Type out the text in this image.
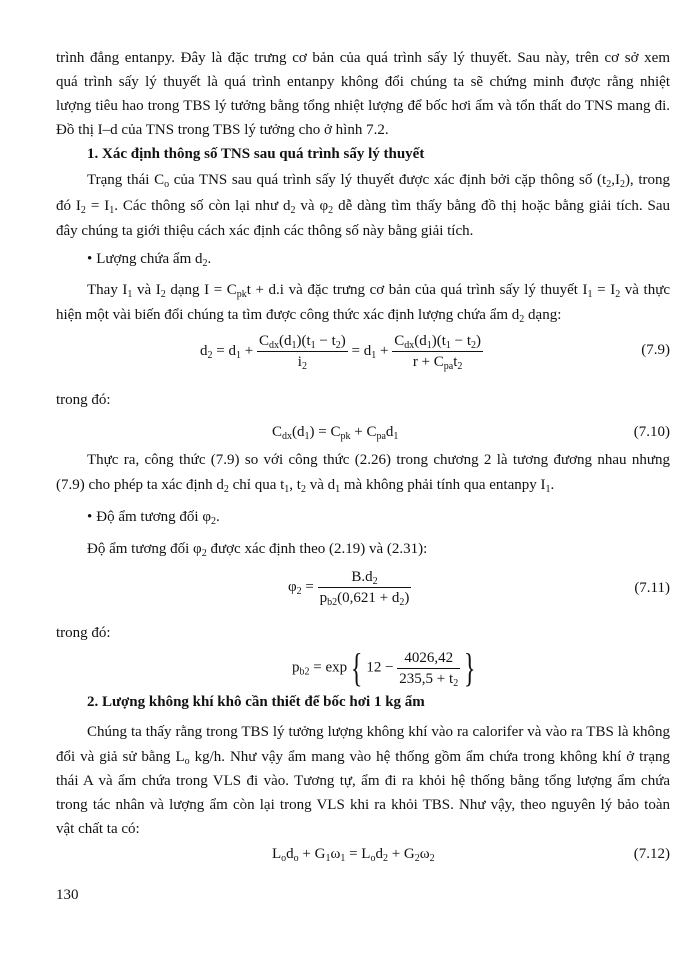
trình đẳng entanpy. Đây là đặc trưng cơ bản của quá trình sấy lý thuyết. Sau này, trên cơ sở xem
quá trình sấy lý thuyết là quá trình entanpy không đổi chúng ta sẽ chứng minh được rằng nhiệt
lượng tiêu hao trong TBS lý tưởng bằng tổng nhiệt lượng để bốc hơi ẩm và tổn thất do TNS mang đi.
Đồ thị I–d của TNS trong TBS lý tưởng cho ở hình 7.2.
1. Xác định thông số TNS sau quá trình sấy lý thuyết
Trạng thái $C_o$ của TNS sau quá trình sấy lý thuyết được xác định bởi cặp thông số $(t_2,I_2)$, trong
đó $I_2 = I_1$. Các thông số còn lại như $d_2$ và $\varphi_2$ dễ dàng tìm thấy bằng đồ thị hoặc bằng giải tích. Sau
đây chúng ta giới thiệu cách xác định các thông số này bằng giải tích.
• Lượng chứa ẩm $d_2$.
Thay $I_1$ và $I_2$ dạng $I = C_{pk}t + d.i$ và đặc trưng cơ bản của quá trình sấy lý thuyết $I_1 = I_2$ và thực
hiện một vài biến đổi chúng ta tìm được công thức xác định lượng chứa ẩm $d_2$ dạng:
$d_2 = d_1 + \frac{C_{dx}(d_1)(t_1 - t_2)}{i_2} = d_1 + \frac{C_{dx}(d_1)(t_1 - t_2)}{r + C_{pa}t_2}$	(7.9)
trong đó:
$C_{dx}(d_1) = C_{pk} + C_{pa}d_1$	(7.10)
Thực ra, công thức (7.9) so với công thức (2.26) trong chương 2 là tương đương nhau nhưng
(7.9) cho phép ta xác định $d_2$ chỉ qua $t_1$, $t_2$ và $d_1$ mà không phải tính qua entanpy $I_1$.
• Độ ẩm tương đối $\varphi_2$.
Độ ẩm tương đối $\varphi_2$ được xác định theo (2.19) và (2.31):
$\varphi_2 = \frac{B.d_2}{p_{b2}(0,621 + d_2)}$	(7.11)
trong đó:
$p_{b2} = \exp${ $12 - \frac{4026,42}{235,5 + t_2}$ }
2. Lượng không khí khô cần thiết để bốc hơi 1 kg ẩm
Chúng ta thấy rằng trong TBS lý tưởng lượng không khí vào ra calorifer và vào ra TBS là không
đổi và giả sử bằng $L_o$ kg/h. Như vậy ẩm mang vào hệ thống gồm ẩm chứa trong không khí ở trạng
thái A và ẩm chứa trong VLS đi vào. Tương tự, ẩm đi ra khỏi hệ thống bằng tổng lượng ẩm chứa
trong tác nhân và lượng ẩm còn lại trong VLS khi ra khỏi TBS. Như vậy, theo nguyên lý bảo toàn
vật chất ta có:
$L_od_o + G_1\omega_1 = L_od_2 + G_2\omega_2$	(7.12)
130
